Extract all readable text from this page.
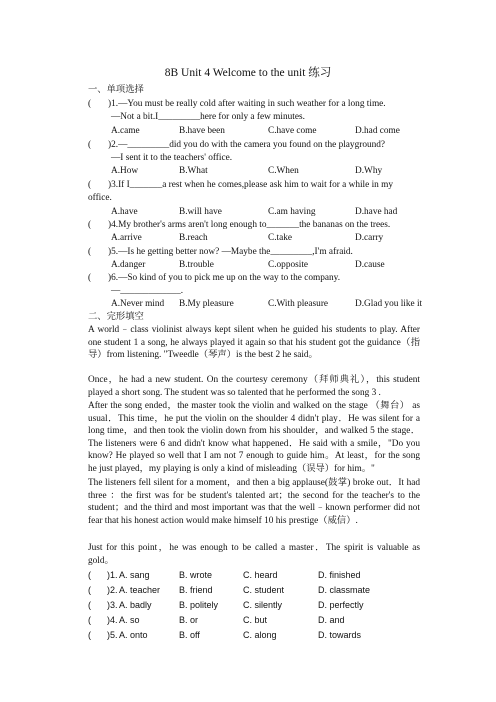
8B Unit 4 Welcome to the unit 练习
一、单项选择
( )1.—You must be really cold after waiting in such weather for a long time.
—Not a bit.I_________here for only a few minutes.
A.came	B.have been	C.have come	D.had come
( )2.—_________did you do with the camera you found on the playground?
—I sent it to the teachers' office.
A.How	B.What	C.When	D.Why
( )3.If I_______a rest when he comes,please ask him to wait for a while in my
office.
A.have	B.will have	C.am having	D.have had
( )4.My brother's arms aren't long enough to_______the bananas on the trees.
A.arrive	B.reach	C.take	D.carry
( )5.—Is he getting better now? —Maybe the_________,I'm afraid.
A.danger	B.trouble	C.opposite	D.cause
( )6.—So kind of you to pick me up on the way to the company.
—_____________.
A.Never mind B.My pleasure	C.With pleasure	D.Glad you like it
二、完形填空
A world﹣class violinist always kept silent when he guided his students to play. After one student 1 a song, he always played it again so that his student got the guidance（指导）from listening. "Tweedle（琴声）is the best 2 he said。
Once，he had a new student. On the courtesy ceremony（拜师典礼），this student played a short song. The student was so talented that he performed the song 3 .
After the song ended，the master took the violin and walked on the stage （舞台） as usual．This time，he put the violin on the shoulder 4 didn't play．He was silent for a long time，and then took the violin down from his shoulder，and walked 5 the stage．The listeners were 6 and didn't know what happened．He said with a smile，"Do you know? He played so well that I am not 7 enough to guide him。At least，for the song he just played，my playing is only a kind of misleading（误导）for him。"
The listeners fell silent for a moment，and then a big applause(鼓掌) broke out．It had three ：the first was for be student's talented art；the second for the teacher's to the student；and the third and most important was that the well﹣known performer did not fear that his honest action would make himself 10 his prestige（威信）.
Just for this point，he was enough to be called a master．The spirit is valuable as gold。
( )1. A. sang	B. wrote	C. heard	D. finished
( )2. A. teacher B. friend	C. student	D. classmate
( )3. A. badly	B. politely	C. silently	D. perfectly
( )4. A. so	B. or	C. but	D. and
( )5. A. onto	B. off	C. along	D. towards
